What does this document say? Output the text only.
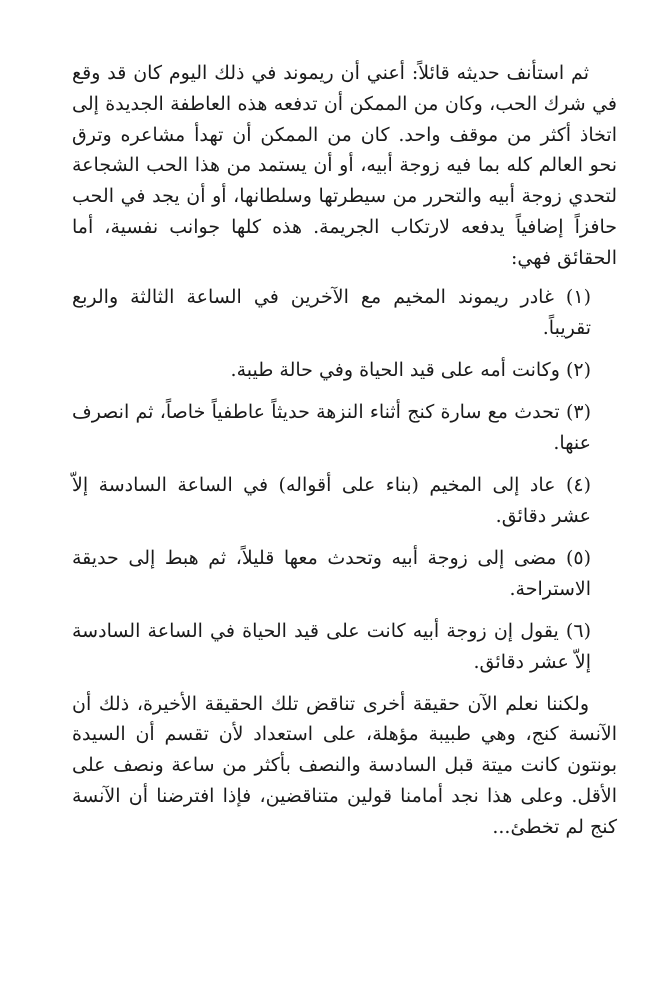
ثم استأنف حديثه قائلاً: أعني أن ريموند في ذلك اليوم كان قد وقع في شرك الحب، وكان من الممكن أن تدفعه هذه العاطفة الجديدة إلى اتخاذ أكثر من موقف واحد. كان من الممكن أن تهدأ مشاعره وترق نحو العالم كله بما فيه زوجة أبيه، أو أن يستمد من هذا الحب الشجاعة لتحدي زوجة أبيه والتحرر من سيطرتها وسلطانها، أو أن يجد في الحب حافزاً إضافياً يدفعه لارتكاب الجريمة. هذه كلها جوانب نفسية، أما الحقائق فهي:

(١) غادر ريموند المخيم مع الآخرين في الساعة الثالثة والربع تقريباً.
(٢) وكانت أمه على قيد الحياة وفي حالة طيبة.
(٣) تحدث مع سارة كنج أثناء النزهة حديثاً عاطفياً خاصاً، ثم انصرف عنها.
(٤) عاد إلى المخيم (بناء على أقواله) في الساعة السادسة إلاّ عشر دقائق.
(٥) مضى إلى زوجة أبيه وتحدث معها قليلاً، ثم هبط إلى حديقة الاستراحة.
(٦) يقول إن زوجة أبيه كانت على قيد الحياة في الساعة السادسة إلاّ عشر دقائق.

ولكننا نعلم الآن حقيقة أخرى تناقض تلك الحقيقة الأخيرة، ذلك أن الآنسة كنج، وهي طبيبة مؤهلة، على استعداد لأن تقسم أن السيدة بونتون كانت ميتة قبل السادسة والنصف بأكثر من ساعة ونصف على الأقل. وعلى هذا نجد أمامنا قولين متناقضين، فإذا افترضنا أن الآنسة كنج لم تخطئ...
